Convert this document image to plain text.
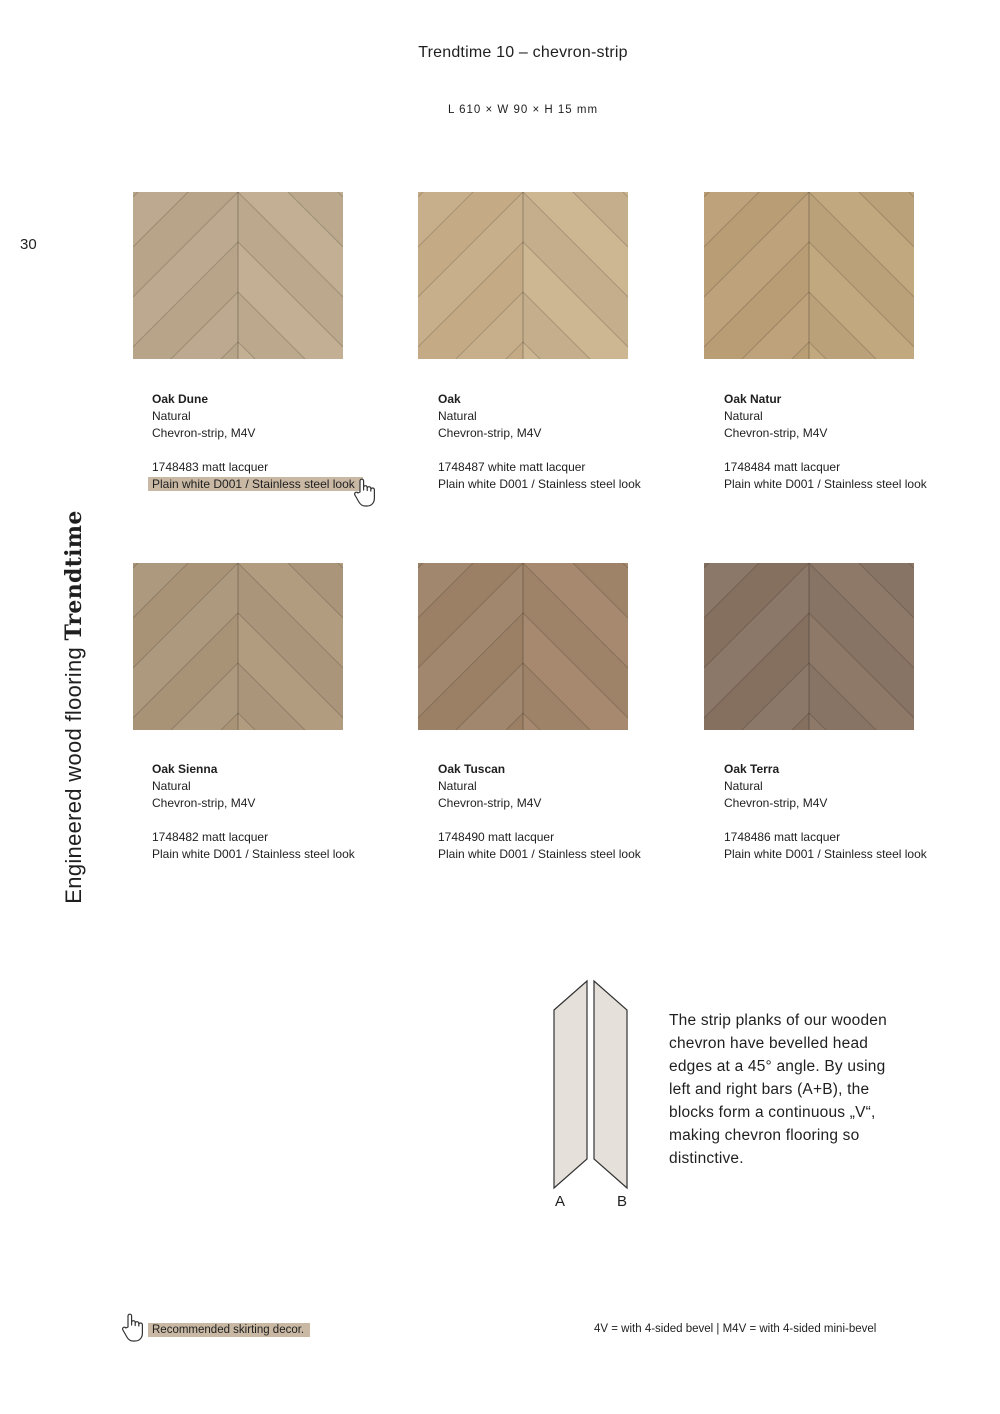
Trendtime 10 – chevron-strip
L 610 × W 90 × H 15 mm
30
Engineered wood flooring Trendtime
Oak Dune
Natural
Chevron-strip, M4V
1748483 matt lacquer
Plain white D001 / Stainless steel look
Oak
Natural
Chevron-strip, M4V
1748487 white matt lacquer
Plain white D001 / Stainless steel look
Oak Natur
Natural
Chevron-strip, M4V
1748484 matt lacquer
Plain white D001 / Stainless steel look
Oak Sienna
Natural
Chevron-strip, M4V
1748482 matt lacquer
Plain white D001 / Stainless steel look
Oak Tuscan
Natural
Chevron-strip, M4V
1748490 matt lacquer
Plain white D001 / Stainless steel look
Oak Terra
Natural
Chevron-strip, M4V
1748486 matt lacquer
Plain white D001 / Stainless steel look
A	B
The strip planks of our wooden chevron have bevelled head edges at a 45° angle. By using left and right bars (A+B), the blocks form a continuous „V“, making chevron flooring so distinctive.
Recommended skirting decor.	4V = with 4-sided bevel | M4V = with 4-sided mini-bevel
